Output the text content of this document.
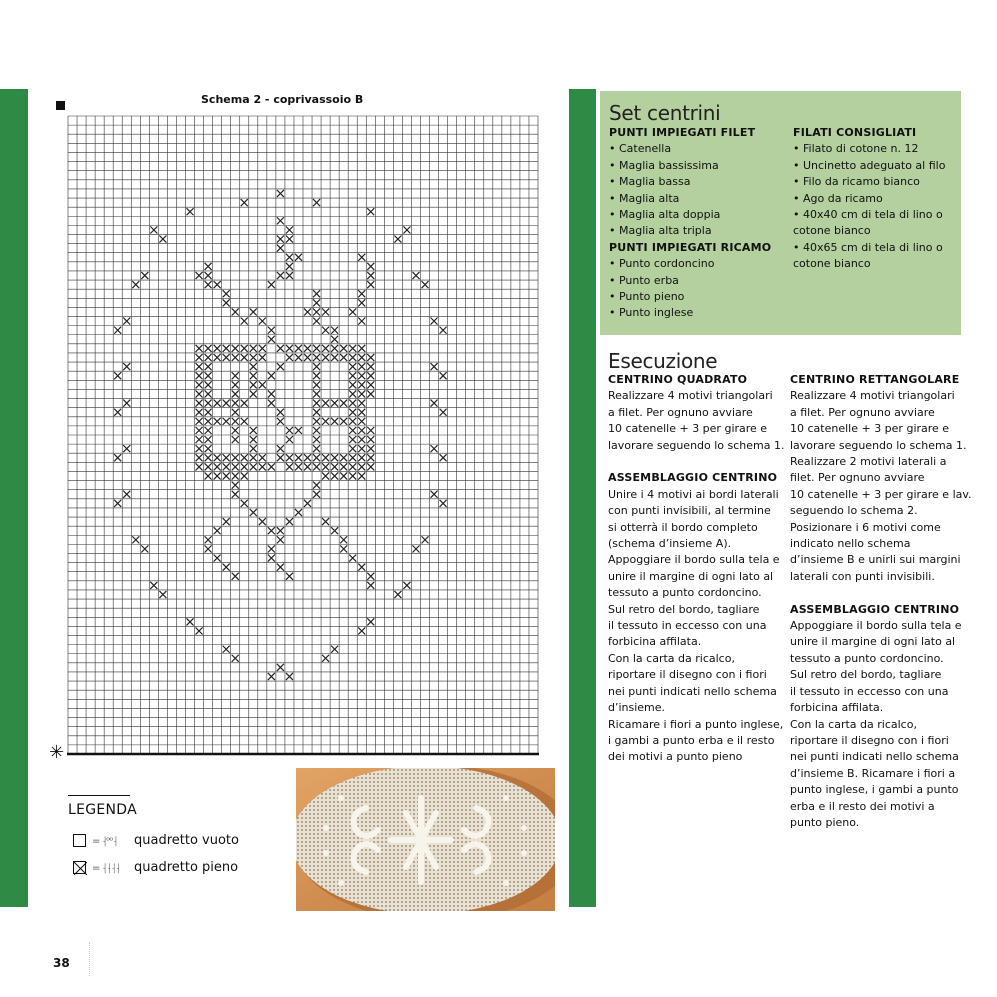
Schema 2 - coprivassoio B
✳
LEGENDA
= ⸡ᵒᵒ⸡	quadretto vuoto
= ⸡⸡⸡⸡	quadretto pieno
Set centrini
PUNTI IMPIEGATI FILET
• Catenella
• Maglia bassissima
• Maglia bassa
• Maglia alta
• Maglia alta doppia
• Maglia alta tripla
PUNTI IMPIEGATI RICAMO
• Punto cordoncino
• Punto erba
• Punto pieno
• Punto inglese
FILATI CONSIGLIATI
• Filato di cotone n. 12
• Uncinetto adeguato al filo
• Filo da ricamo bianco
• Ago da ricamo
• 40x40 cm di tela di lino o
cotone bianco
• 40x65 cm di tela di lino o
cotone bianco
Esecuzione
CENTRINO QUADRATO
Realizzare 4 motivi triangolari
a filet. Per ognuno avviare
10 catenelle + 3 per girare e
lavorare seguendo lo schema 1.
ASSEMBLAGGIO CENTRINO
Unire i 4 motivi ai bordi laterali
con punti invisibili, al termine
si otterrà il bordo completo
(schema d’insieme A).
Appoggiare il bordo sulla tela e
unire il margine di ogni lato al
tessuto a punto cordoncino.
Sul retro del bordo, tagliare
il tessuto in eccesso con una
forbicina affilata.
Con la carta da ricalco,
riportare il disegno con i fiori
nei punti indicati nello schema
d’insieme.
Ricamare i fiori a punto inglese,
i gambi a punto erba e il resto
dei motivi a punto pieno
CENTRINO RETTANGOLARE
Realizzare 4 motivi triangolari
a filet. Per ognuno avviare
10 catenelle + 3 per girare e
lavorare seguendo lo schema 1.
Realizzare 2 motivi laterali a
filet. Per ognuno avviare
10 catenelle + 3 per girare e lav.
seguendo lo schema 2.
Posizionare i 6 motivi come
indicato nello schema
d’insieme B e unirli sui margini
laterali con punti invisibili.
ASSEMBLAGGIO CENTRINO
Appoggiare il bordo sulla tela e
unire il margine di ogni lato al
tessuto a punto cordoncino.
Sul retro del bordo, tagliare
il tessuto in eccesso con una
forbicina affilata.
Con la carta da ricalco,
riportare il disegno con i fiori
nei punti indicati nello schema
d’insieme B. Ricamare i fiori a
punto inglese, i gambi a punto
erba e il resto dei motivi a
punto pieno.
38
